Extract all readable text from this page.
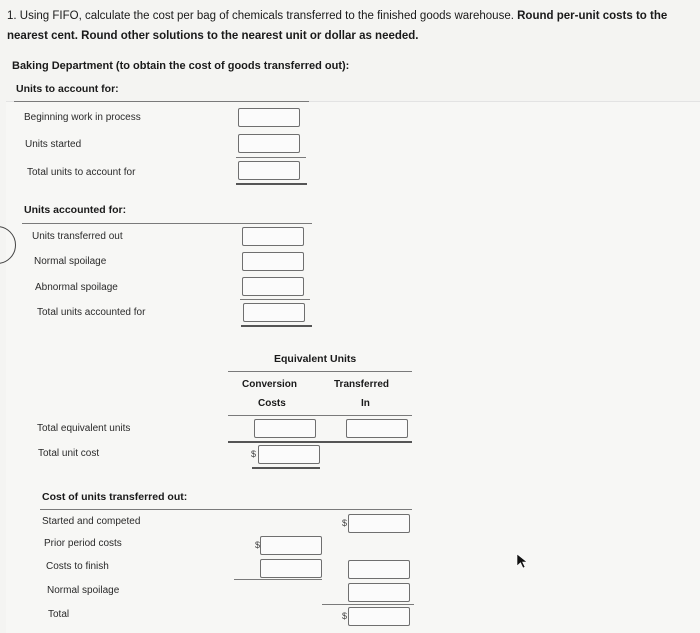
1. Using FIFO, calculate the cost per bag of chemicals transferred to the finished goods warehouse. Round per-unit costs to the nearest cent. Round other solutions to the nearest unit or dollar as needed.
Baking Department (to obtain the cost of goods transferred out):
Units to account for:
Beginning work in process
Units started
Total units to account for
Units accounted for:
Units transferred out
Normal spoilage
Abnormal spoilage
Total units accounted for
Equivalent Units
Conversion
Costs
Transferred
In
Total equivalent units
Total unit cost	$
Cost of units transferred out:
Started and competed
Prior period costs
Costs to finish
Normal spoilage
Total
$
$
$
